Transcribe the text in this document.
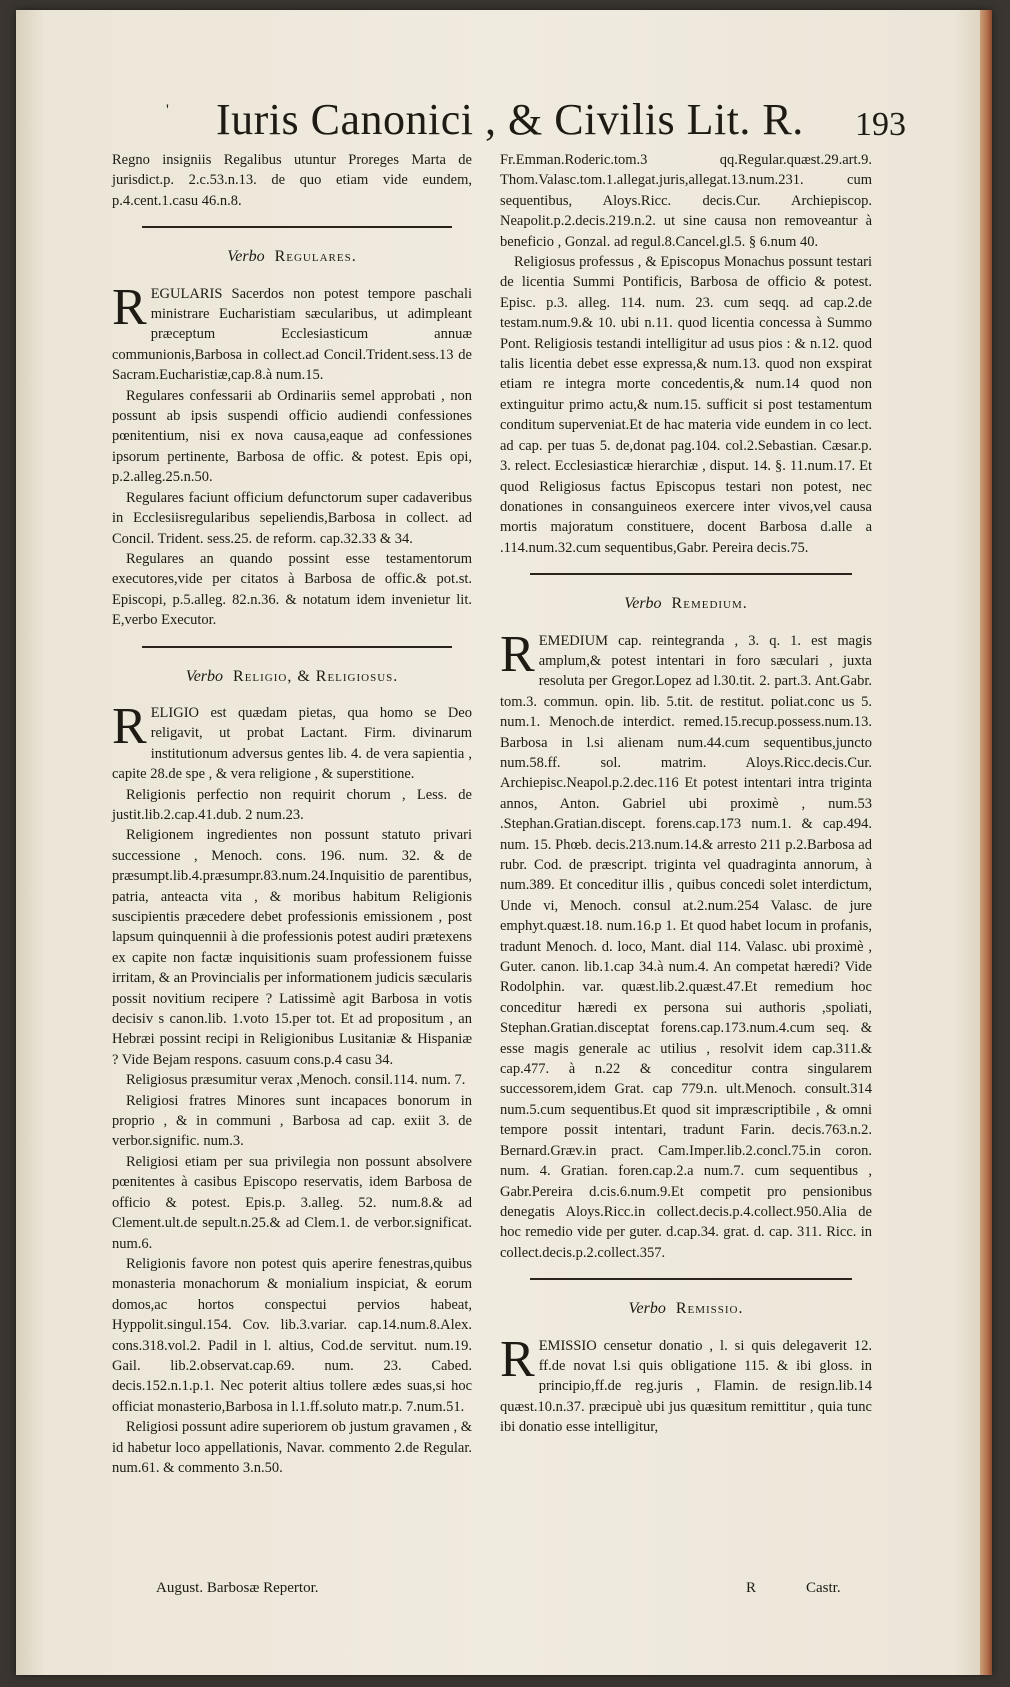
' Iuris Canonici , & Civilis Lit. R. 193

Regno insigniis Regalibus utuntur Proreges Marta de jurisdict.p. 2.c.53.n.13. de quo etiam vide eundem, p.4.cent.1.casu 46.n.8.

Verbo Regulares.

REGULARIS Sacerdos non potest tempore paschali ministrare Eucharistiam sæcularibus, ut adimpleant præceptum Ecclesiasticum annuæ communionis,Barbosa in collect.ad Concil.Trident.sess.13 de Sacram.Eucharistiæ,cap.8.à num.15.

Regulares confessarii ab Ordinariis semel approbati , non possunt ab ipsis suspendi officio audiendi confessiones pœnitentium, nisi ex nova causa,eaque ad confessiones ipsorum pertinente, Barbosa de offic. & potest. Epis opi, p.2.alleg.25.n.50.

Regulares faciunt officium defunctorum super cadaveribus in Ecclesiisregularibus sepeliendis,Barbosa in collect. ad Concil. Trident. sess.25. de reform. cap.32.33 & 34.

Regulares an quando possint esse testamentorum executores,vide per citatos à Barbosa de offic.& pot.st. Episcopi, p.5.alleg. 82.n.36. & notatum idem invenietur lit. E,verbo Executor.

Verbo Religio, & Religiosus.

RELIGIO est quædam pietas, qua homo se Deo religavit, ut probat Lactant. Firm. divinarum institutionum adversus gentes lib. 4. de vera sapientia , capite 28.de spe , & vera religione , & superstitione.

Religionis perfectio non requirit chorum , Less. de justit.lib.2.cap.41.dub. 2 num.23.

Religionem ingredientes non possunt statuto privari successione , Menoch. cons. 196. num. 32. & de præsumpt.lib.4.præsumpr.83.num.24.Inquisitio de parentibus, patria, anteacta vita , & moribus habitum Religionis suscipientis præcedere debet professionis emissionem , post lapsum quinquennii à die professionis potest audiri prætexens ex capite non factæ inquisitionis suam professionem fuisse irritam, & an Provincialis per informationem judicis sæcularis possit novitium recipere ? Latissimè agit Barbosa in votis decisiv s canon.lib. 1.voto 15.per tot. Et ad propositum , an Hebræi possint recipi in Religionibus Lusitaniæ & Hispaniæ ? Vide Bejam respons. casuum cons.p.4 casu 34.

Religiosus præsumitur verax ,Menoch. consil.114. num. 7.

Religiosi fratres Minores sunt incapaces bonorum in proprio , & in communi , Barbosa ad cap. exiit 3. de verbor.signific. num.3.

Religiosi etiam per sua privilegia non possunt absolvere pœnitentes à casibus Episcopo reservatis, idem Barbosa de officio & potest. Epis.p. 3.alleg. 52. num.8.& ad Clement.ult.de sepult.n.25.& ad Clem.1. de verbor.significat. num.6.

Religionis favore non potest quis aperire fenestras,quibus monasteria monachorum & monialium inspiciat, & eorum domos,ac hortos conspectui pervios habeat, Hyppolit.singul.154. Cov. lib.3.variar. cap.14.num.8.Alex. cons.318.vol.2. Padil in l. altius, Cod.de servitut. num.19. Gail. lib.2.observat.cap.69. num. 23. Cabed. decis.152.n.1.p.1. Nec poterit altius tollere ædes suas,si hoc officiat monasterio,Barbosa in l.1.ff.soluto matr.p. 7.num.51.

Religiosi possunt adire superiorem ob justum gravamen , & id habetur loco appellationis, Navar. commento 2.de Regular. num.61. & commento 3.n.50.

Fr.Emman.Roderic.tom.3 qq.Regular.quæst.29.art.9. Thom.Valasc.tom.1.allegat.juris,allegat.13.num.231. cum sequentibus, Aloys.Ricc. decis.Cur. Archiepiscop. Neapolit.p.2.decis.219.n.2. ut sine causa non removeantur à beneficio , Gonzal. ad regul.8.Cancel.gl.5. § 6.num 40.

Religiosus professus , & Episcopus Monachus possunt testari de licentia Summi Pontificis, Barbosa de officio & potest. Episc. p.3. alleg. 114. num. 23. cum seqq. ad cap.2.de testam.num.9.& 10. ubi n.11. quod licentia concessa à Summo Pont. Religiosis testandi intelligitur ad usus pios : & n.12. quod talis licentia debet esse expressa,& num.13. quod non exspirat etiam re integra morte concedentis,& num.14 quod non extinguitur primo actu,& num.15. sufficit si post testamentum conditum superveniat.Et de hac materia vide eundem in co lect. ad cap. per tuas 5. de,donat pag.104. col.2.Sebastian. Cæsar.p. 3. relect. Ecclesiasticæ hierarchiæ , disput. 14. §. 11.num.17. Et quod Religiosus factus Episcopus testari non potest, nec donationes in consanguineos exercere inter vivos,vel causa mortis majoratum constituere, docent Barbosa d.alle a .114.num.32.cum sequentibus,Gabr. Pereira decis.75.

Verbo Remedium.

REMEDIUM cap. reintegranda , 3. q. 1. est magis amplum,& potest intentari in foro sæculari , juxta resoluta per Gregor.Lopez ad l.30.tit. 2. part.3. Ant.Gabr. tom.3. commun. opin. lib. 5.tit. de restitut. poliat.conc us 5. num.1. Menoch.de interdict. remed.15.recup.possess.num.13. Barbosa in l.si alienam num.44.cum sequentibus,juncto num.58.ff. sol. matrim. Aloys.Ricc.decis.Cur. Archiepisc.Neapol.p.2.dec.116 Et potest intentari intra triginta annos, Anton. Gabriel ubi proximè , num.53 .Stephan.Gratian.discept. forens.cap.173 num.1. & cap.494. num. 15. Phœb. decis.213.num.14.& arresto 211 p.2.Barbosa ad rubr. Cod. de præscript. triginta vel quadraginta annorum, à num.389. Et conceditur illis , quibus concedi solet interdictum, Unde vi, Menoch. consul at.2.num.254 Valasc. de jure emphyt.quæst.18. num.16.p 1. Et quod habet locum in profanis, tradunt Menoch. d. loco, Mant. dial 114. Valasc. ubi proximè , Guter. canon. lib.1.cap 34.à num.4. An competat hæredi? Vide Rodolphin. var. quæst.lib.2.quæst.47.Et remedium hoc conceditur hæredi ex persona sui authoris ,spoliati, Stephan.Gratian.disceptat forens.cap.173.num.4.cum seq. & esse magis generale ac utilius , resolvit idem cap.311.& cap.477. à n.22 & conceditur contra singularem successorem,idem Grat. cap 779.n. ult.Menoch. consult.314 num.5.cum sequentibus.Et quod sit impræscriptibile , & omni tempore possit intentari, tradunt Farin. decis.763.n.2. Bernard.Græv.in pract. Cam.Imper.lib.2.concl.75.in coron. num. 4. Gratian. foren.cap.2.a num.7. cum sequentibus , Gabr.Pereira d.cis.6.num.9.Et competit pro pensionibus denegatis Aloys.Ricc.in collect.decis.p.4.collect.950.Alia de hoc remedio vide per guter. d.cap.34. grat. d. cap. 311. Ricc. in collect.decis.p.2.collect.357.

Verbo Remissio.

REMISSIO censetur donatio , l. si quis delegaverit 12. ff.de novat l.si quis obligatione 115. & ibi gloss. in principio,ff.de reg.juris , Flamin. de resign.lib.14 quæst.10.n.37. præcipuè ubi jus quæsitum remittitur , quia tunc ibi donatio esse intelligitur,

August. Barbosæ Repertor.	R	Castr.
